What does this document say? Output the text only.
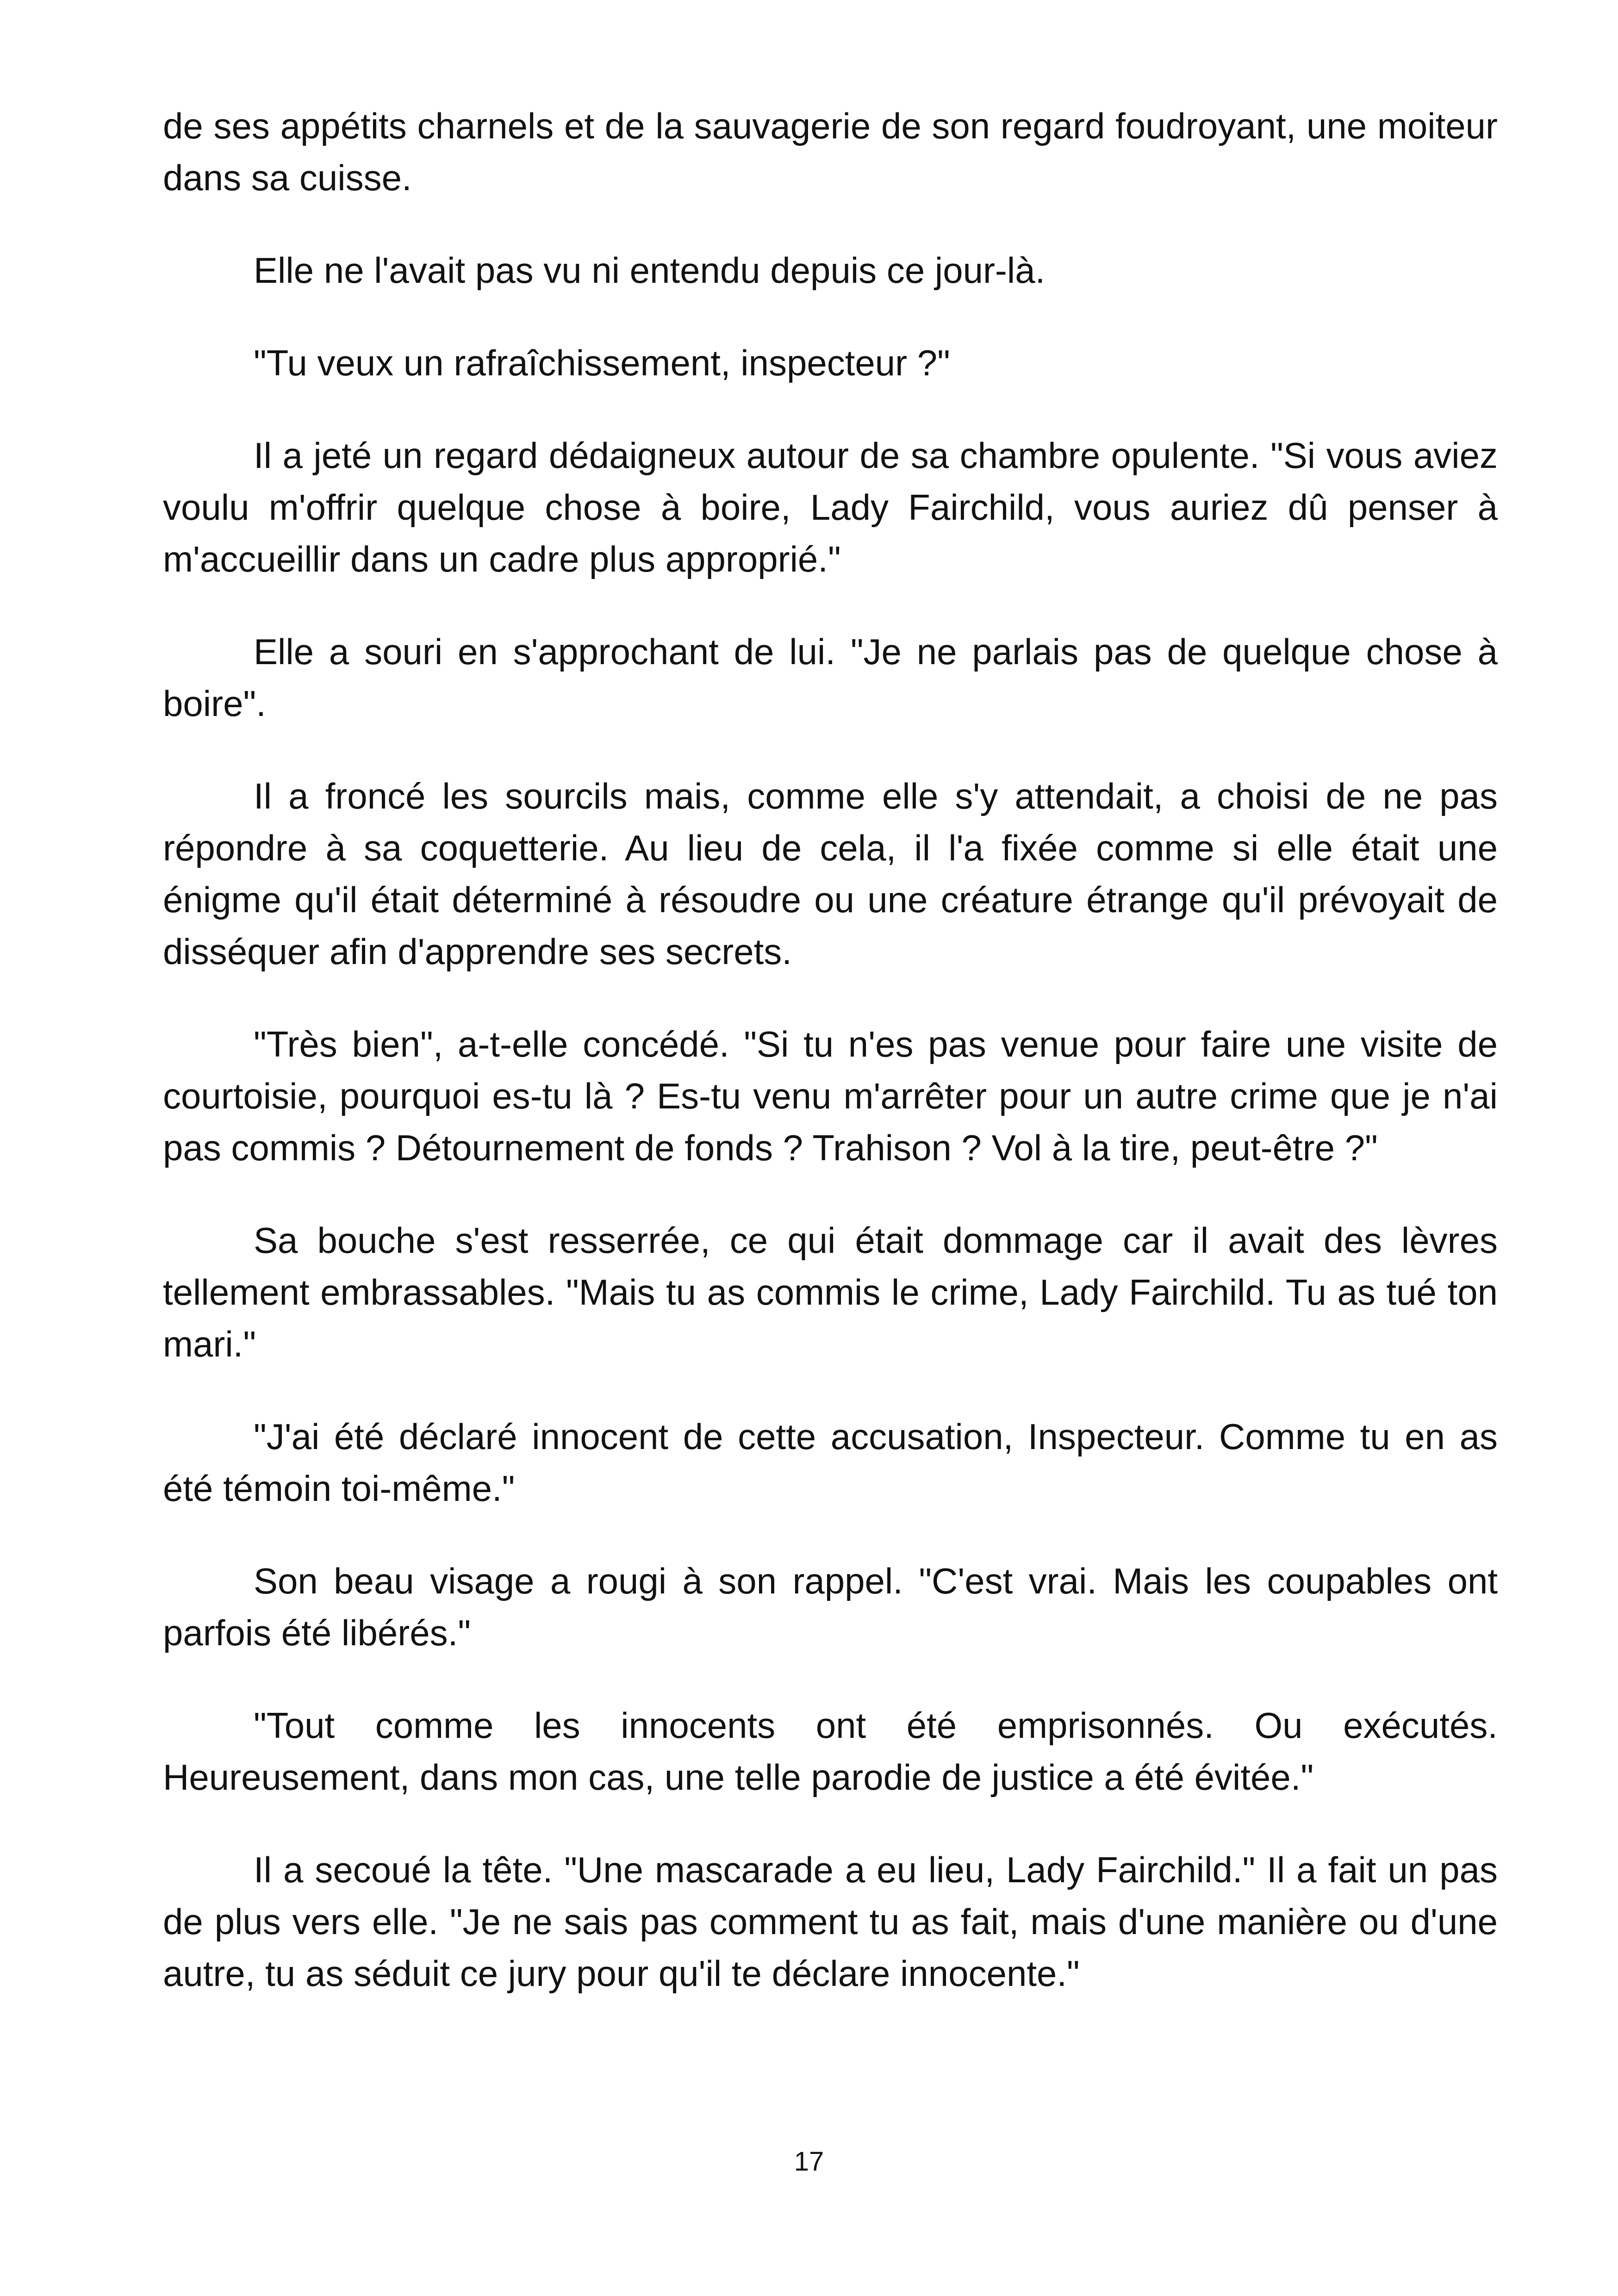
de ses appétits charnels et de la sauvagerie de son regard foudroyant, une moiteur dans sa cuisse.

Elle ne l'avait pas vu ni entendu depuis ce jour-là.

"Tu veux un rafraîchissement, inspecteur ?"

Il a jeté un regard dédaigneux autour de sa chambre opulente. "Si vous aviez voulu m'offrir quelque chose à boire, Lady Fairchild, vous auriez dû penser à m'accueillir dans un cadre plus approprié."

Elle a souri en s'approchant de lui. "Je ne parlais pas de quelque chose à boire".

Il a froncé les sourcils mais, comme elle s'y attendait, a choisi de ne pas répondre à sa coquetterie. Au lieu de cela, il l'a fixée comme si elle était une énigme qu'il était déterminé à résoudre ou une créature étrange qu'il prévoyait de disséquer afin d'apprendre ses secrets.

"Très bien", a-t-elle concédé. "Si tu n'es pas venue pour faire une visite de courtoisie, pourquoi es-tu là ? Es-tu venu m'arrêter pour un autre crime que je n'ai pas commis ? Détournement de fonds ? Trahison ? Vol à la tire, peut-être ?"

Sa bouche s'est resserrée, ce qui était dommage car il avait des lèvres tellement embrassables. "Mais tu as commis le crime, Lady Fairchild. Tu as tué ton mari."

"J'ai été déclaré innocent de cette accusation, Inspecteur. Comme tu en as été témoin toi-même."

Son beau visage a rougi à son rappel. "C'est vrai. Mais les coupables ont parfois été libérés."

"Tout comme les innocents ont été emprisonnés. Ou exécutés. Heureusement, dans mon cas, une telle parodie de justice a été évitée."

Il a secoué la tête. "Une mascarade a eu lieu, Lady Fairchild." Il a fait un pas de plus vers elle. "Je ne sais pas comment tu as fait, mais d'une manière ou d'une autre, tu as séduit ce jury pour qu'il te déclare innocente."

17
